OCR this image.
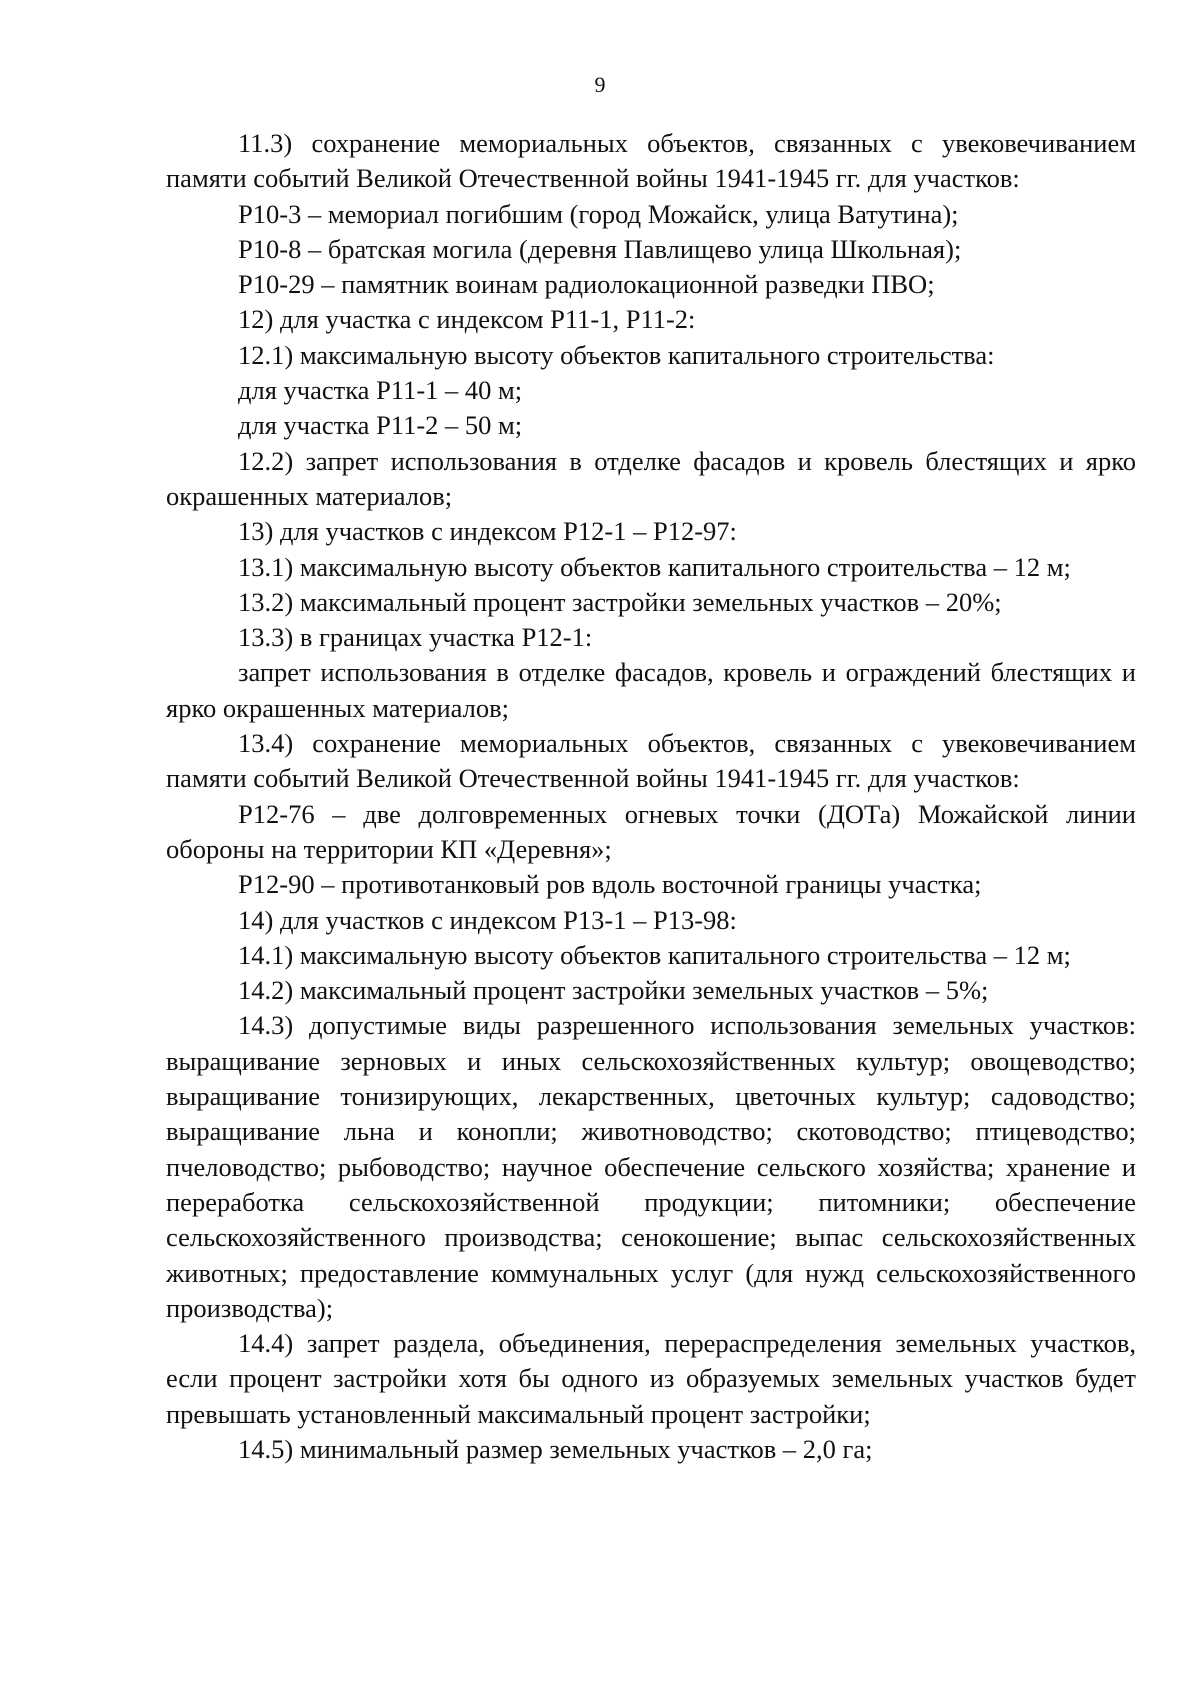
9

11.3) сохранение мемориальных объектов, связанных с увековечиванием памяти событий Великой Отечественной войны 1941-1945 гг. для участков:

Р10-3 – мемориал погибшим (город Можайск, улица Ватутина);

Р10-8 – братская могила (деревня Павлищево улица Школьная);

Р10-29 – памятник воинам радиолокационной разведки ПВО;

12) для участка с индексом Р11-1, Р11-2:

12.1) максимальную высоту объектов капитального строительства:

для участка Р11-1 – 40 м;

для участка Р11-2 – 50 м;

12.2) запрет использования в отделке фасадов и кровель блестящих и ярко окрашенных материалов;

13) для участков с индексом Р12-1 – Р12-97:

13.1) максимальную высоту объектов капитального строительства – 12 м;

13.2) максимальный процент застройки земельных участков – 20%;

13.3) в границах участка Р12-1:

запрет использования в отделке фасадов, кровель и ограждений блестящих и ярко окрашенных материалов;

13.4) сохранение мемориальных объектов, связанных с увековечиванием памяти событий Великой Отечественной войны 1941-1945 гг. для участков:

Р12-76 – две долговременных огневых точки (ДОТа) Можайской линии обороны на территории КП «Деревня»;

Р12-90 – противотанковый ров вдоль восточной границы участка;

14) для участков с индексом Р13-1 – Р13-98:

14.1) максимальную высоту объектов капитального строительства – 12 м;

14.2) максимальный процент застройки земельных участков – 5%;

14.3) допустимые виды разрешенного использования земельных участков: выращивание зерновых и иных сельскохозяйственных культур; овощеводство; выращивание тонизирующих, лекарственных, цветочных культур; садоводство; выращивание льна и конопли; животноводство; скотоводство; птицеводство; пчеловодство; рыбоводство; научное обеспечение сельского хозяйства; хранение и переработка сельскохозяйственной продукции; питомники; обеспечение сельскохозяйственного производства; сенокошение; выпас сельскохозяйственных животных; предоставление коммунальных услуг (для нужд сельскохозяйственного производства);

14.4) запрет раздела, объединения, перераспределения земельных участков, если процент застройки хотя бы одного из образуемых земельных участков будет превышать установленный максимальный процент застройки;

14.5) минимальный размер земельных участков – 2,0 га;
